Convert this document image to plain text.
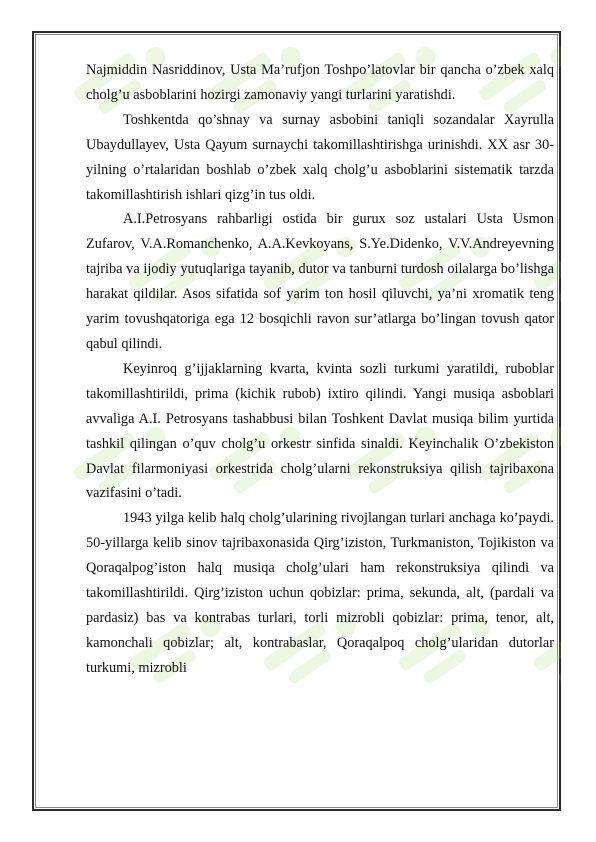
Najmiddin Nasriddinov, Usta Ma’rufjon Toshpo’latovlar bir qancha o’zbek xalq cholg’u asboblarini hozirgi zamonaviy yangi turlarini yaratishdi.

Toshkentda qo’shnay va surnay asbobini taniqli sozandalar Xayrulla Ubaydullayev, Usta Qayum surnaychi takomillashtirishga urinishdi. XX asr 30-yilning o’rtalaridan boshlab o’zbek xalq cholg’u asboblarini sistematik tarzda takomillashtirish ishlari qizg’in tus oldi.

A.I.Petrosyans rahbarligi ostida bir gurux soz ustalari Usta Usmon Zufarov, V.A.Romanchenko, A.A.Kevkoyans, S.Ye.Didenko, V.V.Andreyevning tajriba va ijodiy yutuqlariga tayanib, dutor va tanburni turdosh oilalarga bo’lishga harakat qildilar. Asos sifatida sof yarim ton hosil qiluvchi, ya’ni xromatik teng yarim tovushqatoriga ega 12 bosqichli ravon sur’atlarga bo’lingan tovush qator qabul qilindi.

Keyinroq g’ijjaklarning kvarta, kvinta sozli turkumi yaratildi, ruboblar takomillashtirildi, prima (kichik rubob) ixtiro qilindi. Yangi musiqa asboblari avvaliga A.I. Petrosyans tashabbusi bilan Toshkent Davlat musiqa bilim yurtida tashkil qilingan o’quv cholg’u orkestr sinfida sinaldi. Keyinchalik O’zbekiston Davlat filarmoniyasi orkestrida cholg’ularni rekonstruksiya qilish tajribaxona vazifasini o’tadi.

1943 yilga kelib halq cholg’ularining rivojlangan turlari anchaga ko’paydi. 50-yillarga kelib sinov tajribaxonasida Qirg’iziston, Turkmaniston, Tojikiston va Qoraqalpog’iston halq musiqa cholg’ulari ham rekonstruksiya qilindi va takomillashtirildi. Qirg’iziston uchun qobizlar: prima, sekunda, alt, (pardali va pardasiz) bas va kontrabas turlari, torli mizrobli qobizlar: prima, tenor, alt, kamonchali qobizlar; alt, kontrabaslar, Qoraqalpoq cholg’ularidan dutorlar turkumi, mizrobli
